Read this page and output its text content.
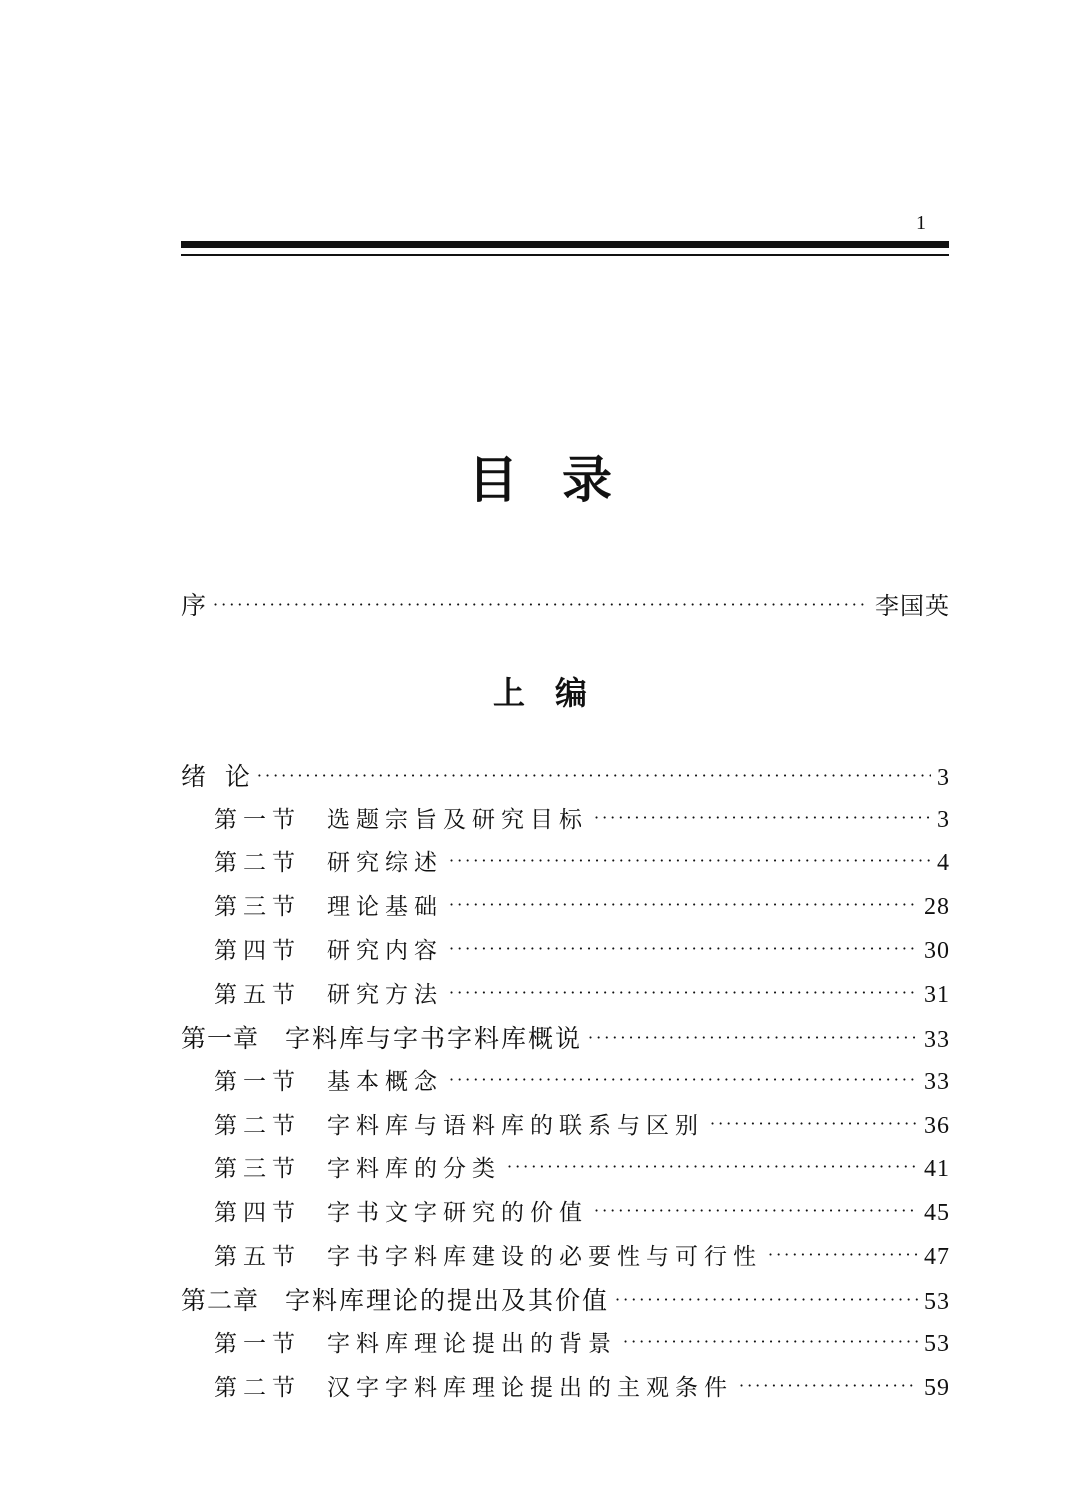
1
目录
序 ·····	李国英
上编
绪  论 ·····	3
第一节 选题宗旨及研究目标 ·····	3
第二节 研究综述 ·····	4
第三节 理论基础 ·····	28
第四节 研究内容 ·····	30
第五节 研究方法 ·····	31
第一章 字料库与字书字料库概说 ·····	33
第一节 基本概念 ·····	33
第二节 字料库与语料库的联系与区别 ·····	36
第三节 字料库的分类 ·····	41
第四节 字书文字研究的价值 ·····	45
第五节 字书字料库建设的必要性与可行性 ·····	47
第二章 字料库理论的提出及其价值 ·····	53
第一节 字料库理论提出的背景 ·····	53
第二节 汉字字料库理论提出的主观条件 ·····	59
